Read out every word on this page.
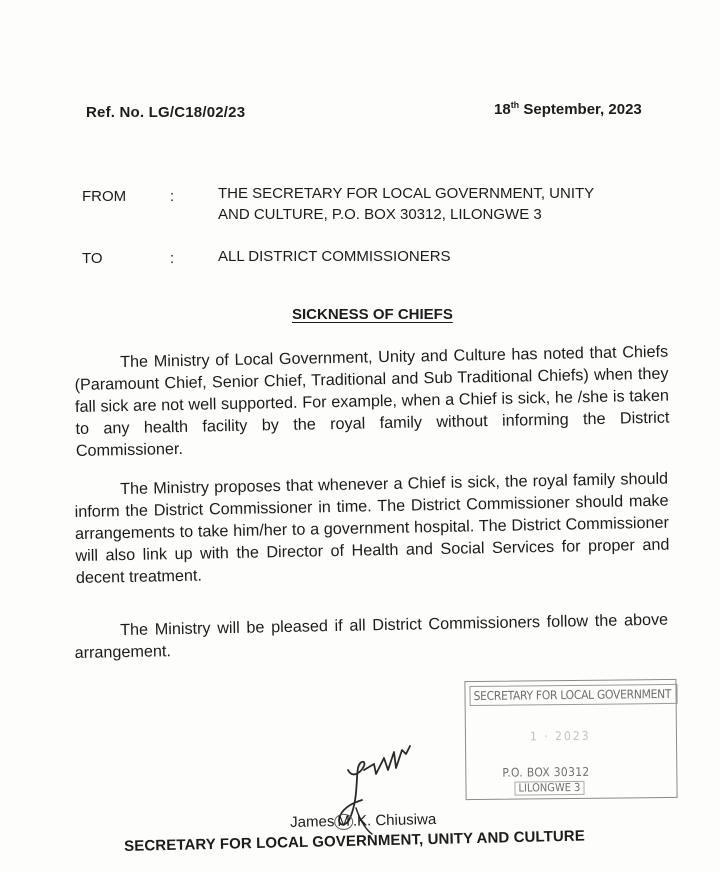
Ref. No. LG/C18/02/23	18th September, 2023
FROM	:	THE SECRETARY FOR LOCAL GOVERNMENT, UNITY
AND CULTURE, P.O. BOX 30312, LILONGWE 3
TO	:	ALL DISTRICT COMMISSIONERS
SICKNESS OF CHIEFS
The Ministry of Local Government, Unity and Culture has noted that Chiefs (Paramount Chief, Senior Chief, Traditional and Sub Traditional Chiefs) when they fall sick are not well supported. For example, when a Chief is sick, he /she is taken to any health facility by the royal family without informing the District Commissioner.
The Ministry proposes that whenever a Chief is sick, the royal family should inform the District Commissioner in time. The District Commissioner should make arrangements to take him/her to a government hospital. The District Commissioner will also link up with the Director of Health and Social Services for proper and decent treatment.
The Ministry will be pleased if all District Commissioners follow the above arrangement.
SECRETARY FOR LOCAL GOVERNMENT
1 · 2023
P.O. BOX 30312
LILONGWE 3
James M .K. Chiusiwa
SECRETARY FOR LOCAL GOVERNMENT, UNITY AND CULTURE
